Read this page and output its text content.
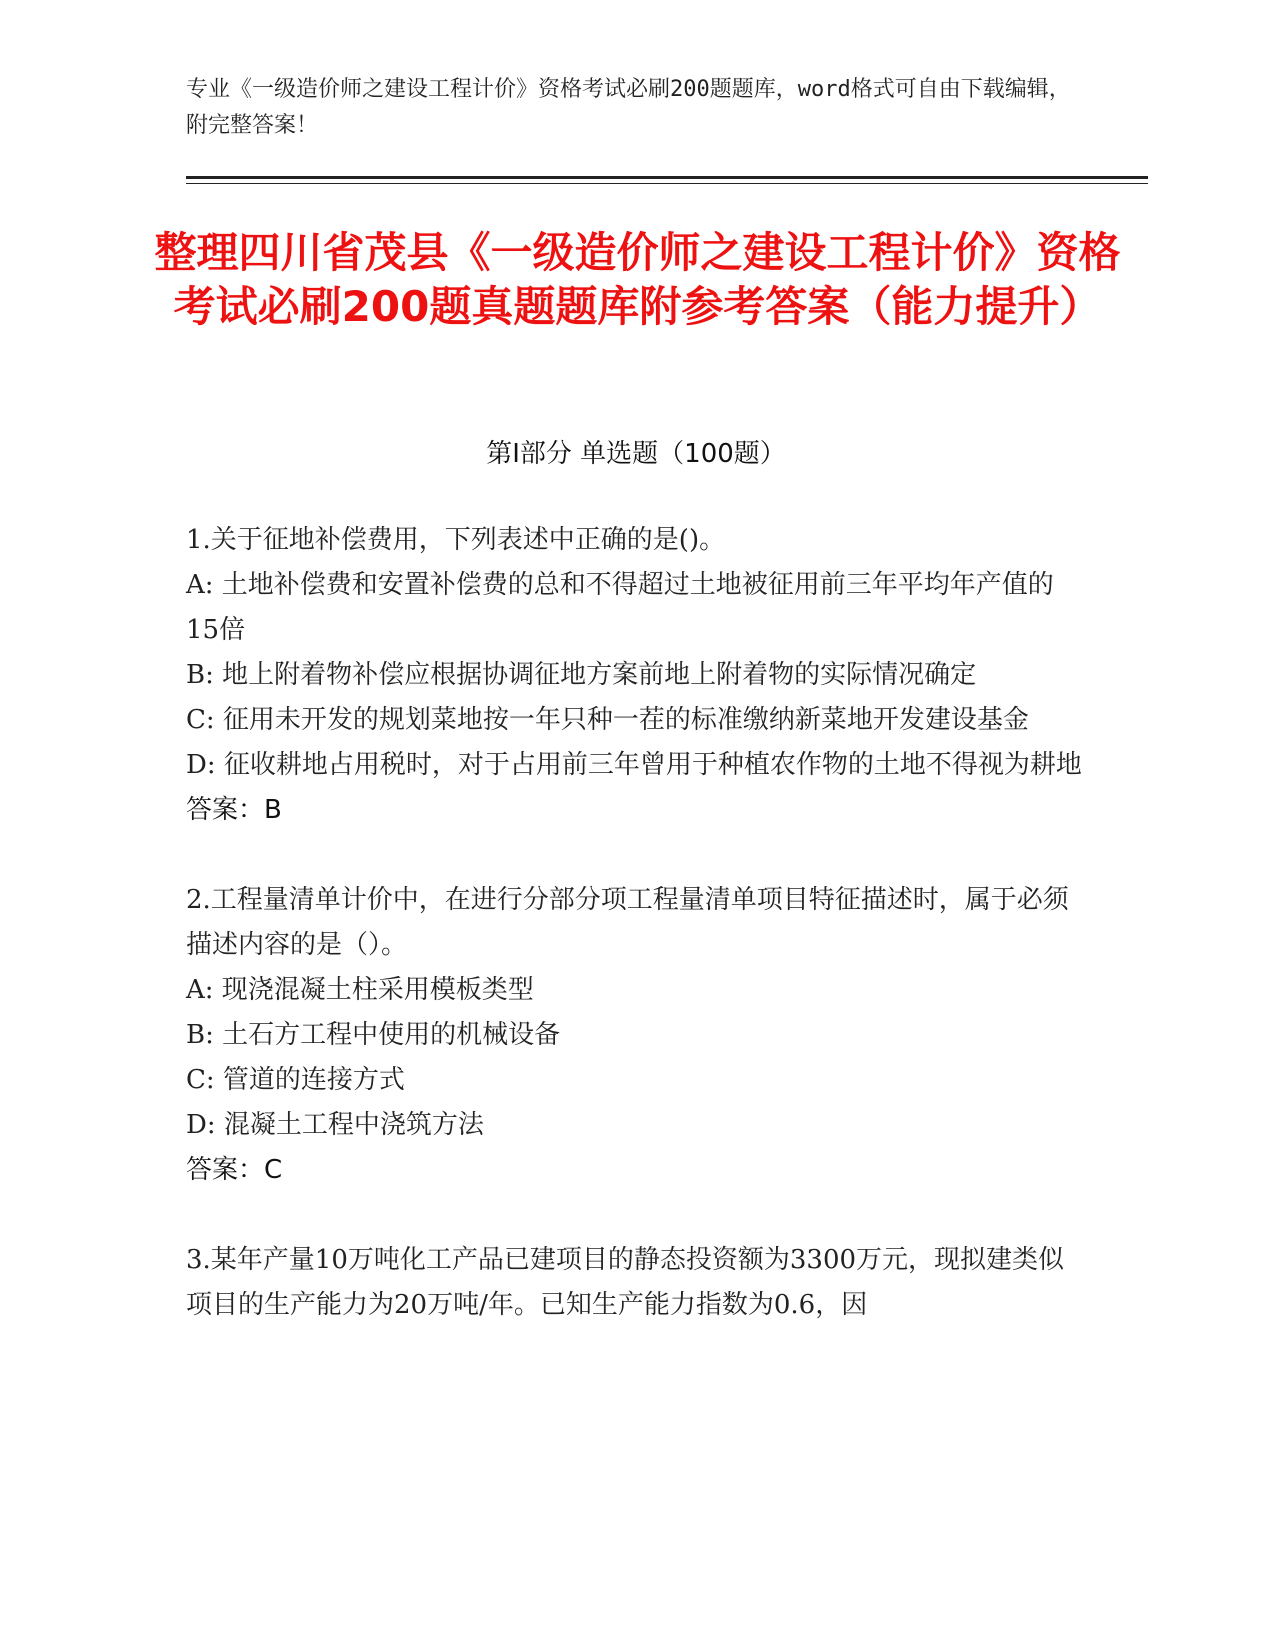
专业《一级造价师之建设工程计价》资格考试必刷200题题库，word格式可自由下载编辑，附完整答案！
整理四川省茂县《一级造价师之建设工程计价》资格考试必刷200题真题题库附参考答案（能力提升）
第Ⅰ部分 单选题（100题）

1.关于征地补偿费用，下列表述中正确的是()。

A: 土地补偿费和安置补偿费的总和不得超过土地被征用前三年平均年产值的15倍

B: 地上附着物补偿应根据协调征地方案前地上附着物的实际情况确定

C: 征用未开发的规划菜地按一年只种一茬的标准缴纳新菜地开发建设基金

D: 征收耕地占用税时，对于占用前三年曾用于种植农作物的土地不得视为耕地

答案：B

2.工程量清单计价中，在进行分部分项工程量清单项目特征描述时，属于必须描述内容的是（）。

A: 现浇混凝土柱采用模板类型

B: 土石方工程中使用的机械设备

C: 管道的连接方式

D: 混凝土工程中浇筑方法

答案：C

3.某年产量10万吨化工产品已建项目的静态投资额为3300万元，现拟建类似项目的生产能力为20万吨/年。已知生产能力指数为0.6，因
